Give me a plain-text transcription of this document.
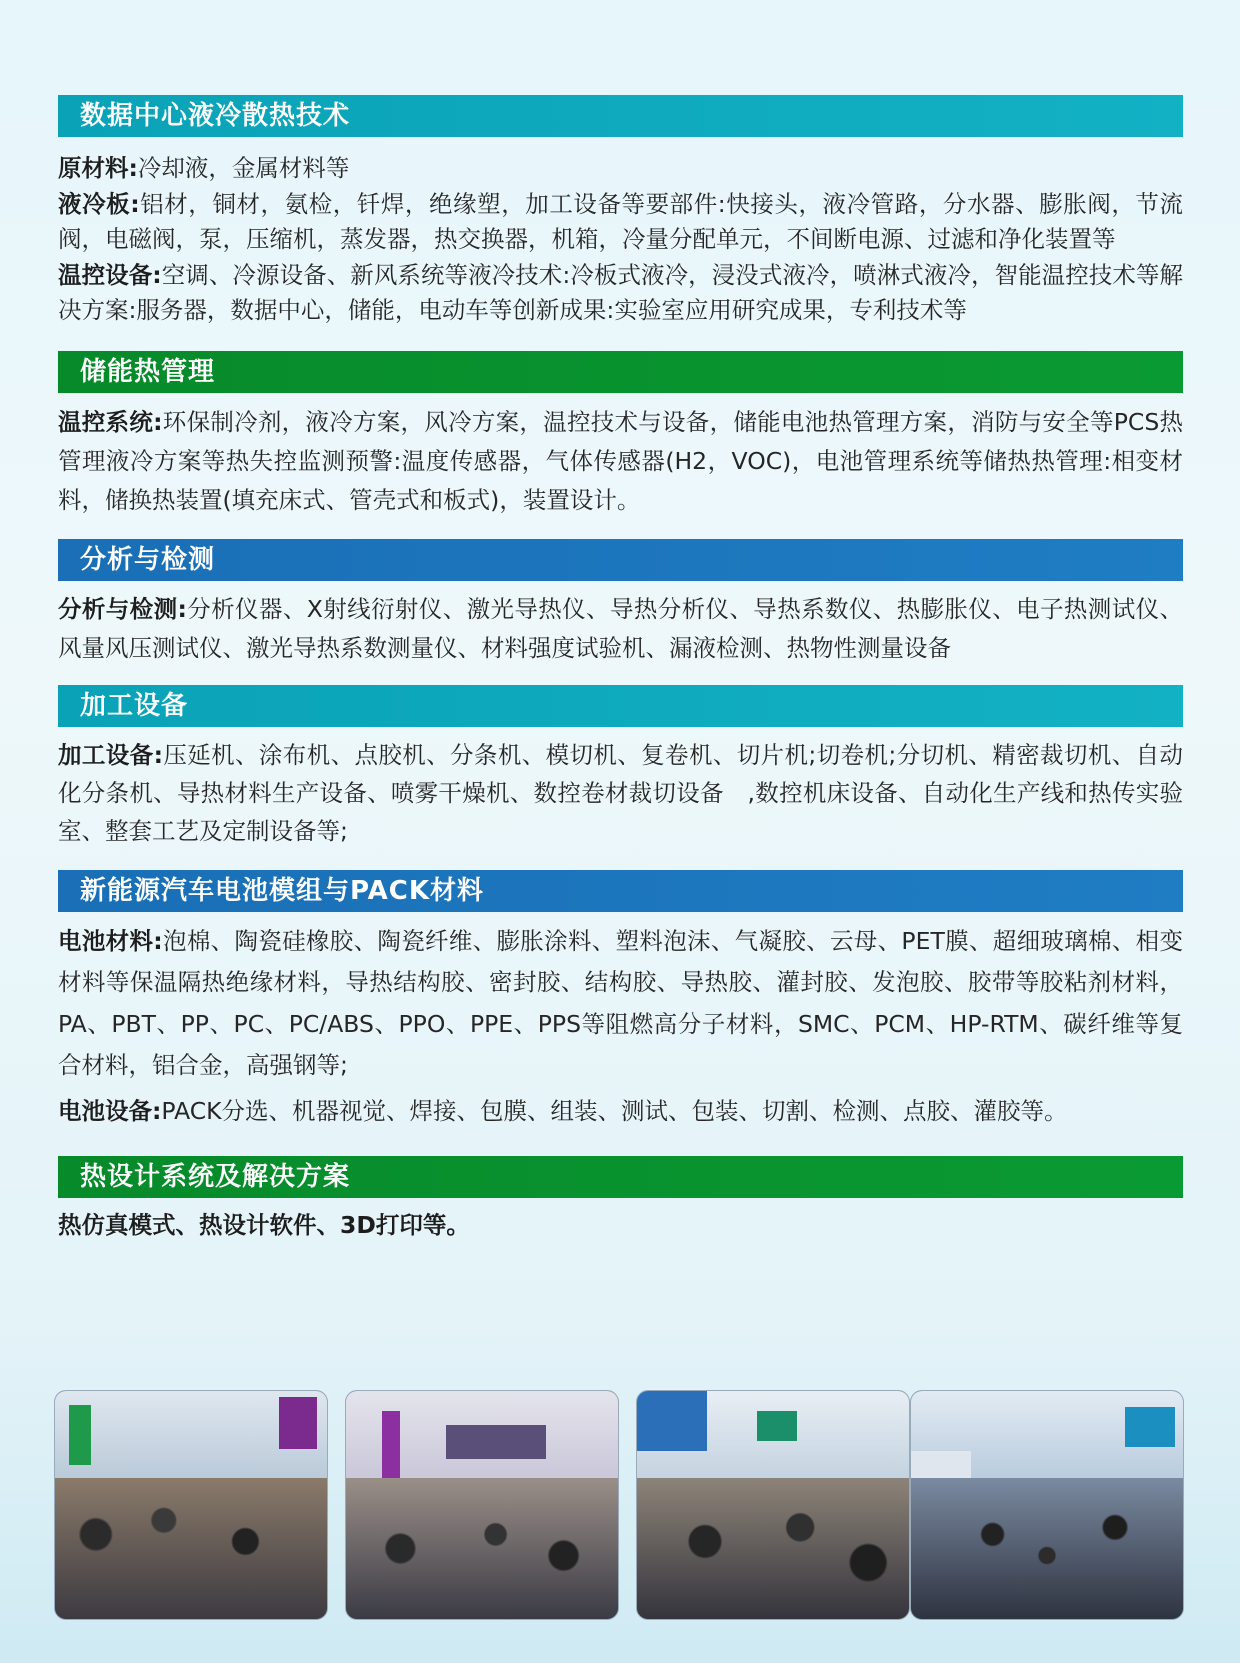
数据中心液冷散热技术

原材料:冷却液，金属材料等

液冷板:铝材，铜材，氨检，钎焊，绝缘塑，加工设备等要部件:快接头，液冷管路，分水器、膨胀阀，节流阀，电磁阀，泵，压缩机，蒸发器，热交换器，机箱，冷量分配单元，不间断电源、过滤和净化装置等

温控设备:空调、冷源设备、新风系统等液冷技术:冷板式液冷，浸没式液冷，喷淋式液冷，智能温控技术等解决方案:服务器，数据中心，储能，电动车等创新成果:实验室应用研究成果，专利技术等

储能热管理

温控系统:环保制冷剂，液冷方案，风冷方案，温控技术与设备，储能电池热管理方案，消防与安全等PCS热管理液冷方案等热失控监测预警:温度传感器，气体传感器(H2，VOC)，电池管理系统等储热热管理:相变材料，储换热装置(填充床式、管壳式和板式)，装置设计。

分析与检测

分析与检测:分析仪器、X射线衍射仪、激光导热仪、导热分析仪、导热系数仪、热膨胀仪、电子热测试仪、风量风压测试仪、激光导热系数测量仪、材料强度试验机、漏液检测、热物性测量设备

加工设备

加工设备:压延机、涂布机、点胶机、分条机、模切机、复卷机、切片机;切卷机;分切机、精密裁切机、自动化分条机、导热材料生产设备、喷雾干燥机、数控卷材裁切设备　,数控机床设备、自动化生产线和热传实验室、整套工艺及定制设备等;

新能源汽车电池模组与PACK材料

电池材料:泡棉、陶瓷硅橡胶、陶瓷纤维、膨胀涂料、塑料泡沫、气凝胶、云母、PET膜、超细玻璃棉、相变材料等保温隔热绝缘材料，导热结构胶、密封胶、结构胶、导热胶、灌封胶、发泡胶、胶带等胶粘剂材料，PA、PBT、PP、PC、PC/ABS、PPO、PPE、PPS等阻燃高分子材料，SMC、PCM、HP-RTM、碳纤维等复合材料，铝合金，高强钢等;

电池设备:PACK分选、机器视觉、焊接、包膜、组装、测试、包装、切割、检测、点胶、灌胶等。

热设计系统及解决方案

热仿真模式、热设计软件、3D打印等。
